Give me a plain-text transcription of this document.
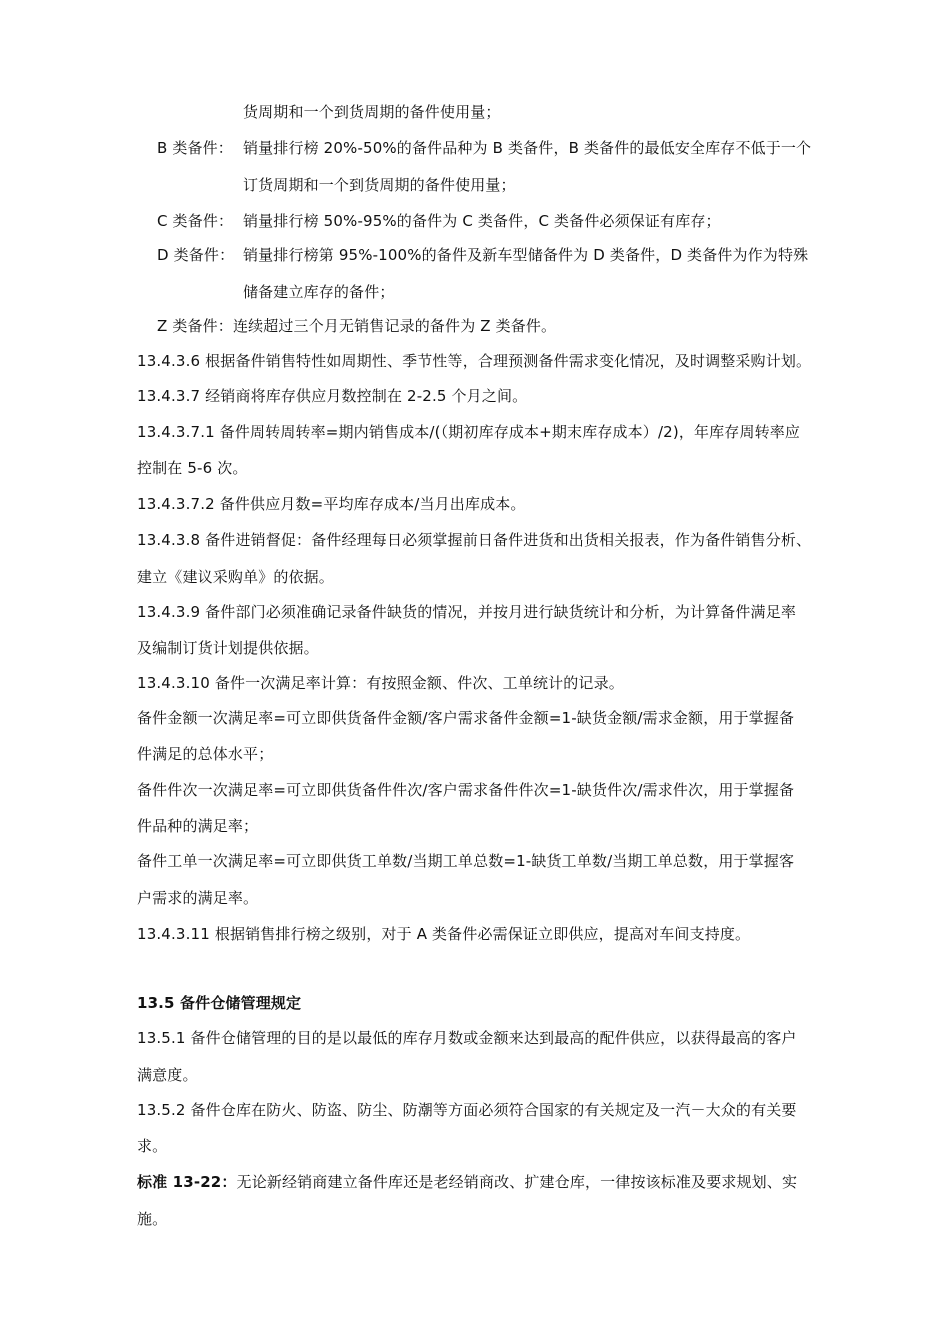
货周期和一个到货周期的备件使用量；
B 类备件： 销量排行榜 20%-50%的备件品种为 B 类备件，B 类备件的最低安全库存不低于一个
订货周期和一个到货周期的备件使用量；
C 类备件： 销量排行榜 50%-95%的备件为 C 类备件，C 类备件必须保证有库存；
D 类备件： 销量排行榜第 95%-100%的备件及新车型储备件为 D 类备件，D 类备件为作为特殊
储备建立库存的备件；
Z 类备件：连续超过三个月无销售记录的备件为 Z 类备件。
13.4.3.6 根据备件销售特性如周期性、季节性等，合理预测备件需求变化情况，及时调整采购计划。
13.4.3.7 经销商将库存供应月数控制在 2-2.5 个月之间。
13.4.3.7.1 备件周转周转率=期内销售成本/(（期初库存成本+期末库存成本）/2)，年库存周转率应
控制在 5-6 次。
13.4.3.7.2 备件供应月数=平均库存成本/当月出库成本。
13.4.3.8 备件进销督促：备件经理每日必须掌握前日备件进货和出货相关报表，作为备件销售分析、
建立《建议采购单》的依据。
13.4.3.9 备件部门必须准确记录备件缺货的情况，并按月进行缺货统计和分析，为计算备件满足率
及编制订货计划提供依据。
13.4.3.10 备件一次满足率计算：有按照金额、件次、工单统计的记录。
备件金额一次满足率=可立即供货备件金额/客户需求备件金额=1-缺货金额/需求金额，用于掌握备
件满足的总体水平；
备件件次一次满足率=可立即供货备件件次/客户需求备件件次=1-缺货件次/需求件次，用于掌握备
件品种的满足率；
备件工单一次满足率=可立即供货工单数/当期工单总数=1-缺货工单数/当期工单总数，用于掌握客
户需求的满足率。
13.4.3.11 根据销售排行榜之级别，对于 A 类备件必需保证立即供应，提高对车间支持度。
13.5 备件仓储管理规定
13.5.1 备件仓储管理的目的是以最低的库存月数或金额来达到最高的配件供应，以获得最高的客户
满意度。
13.5.2 备件仓库在防火、防盗、防尘、防潮等方面必须符合国家的有关规定及一汽－大众的有关要
求。
标准 13-22：无论新经销商建立备件库还是老经销商改、扩建仓库，一律按该标准及要求规划、实
施。
